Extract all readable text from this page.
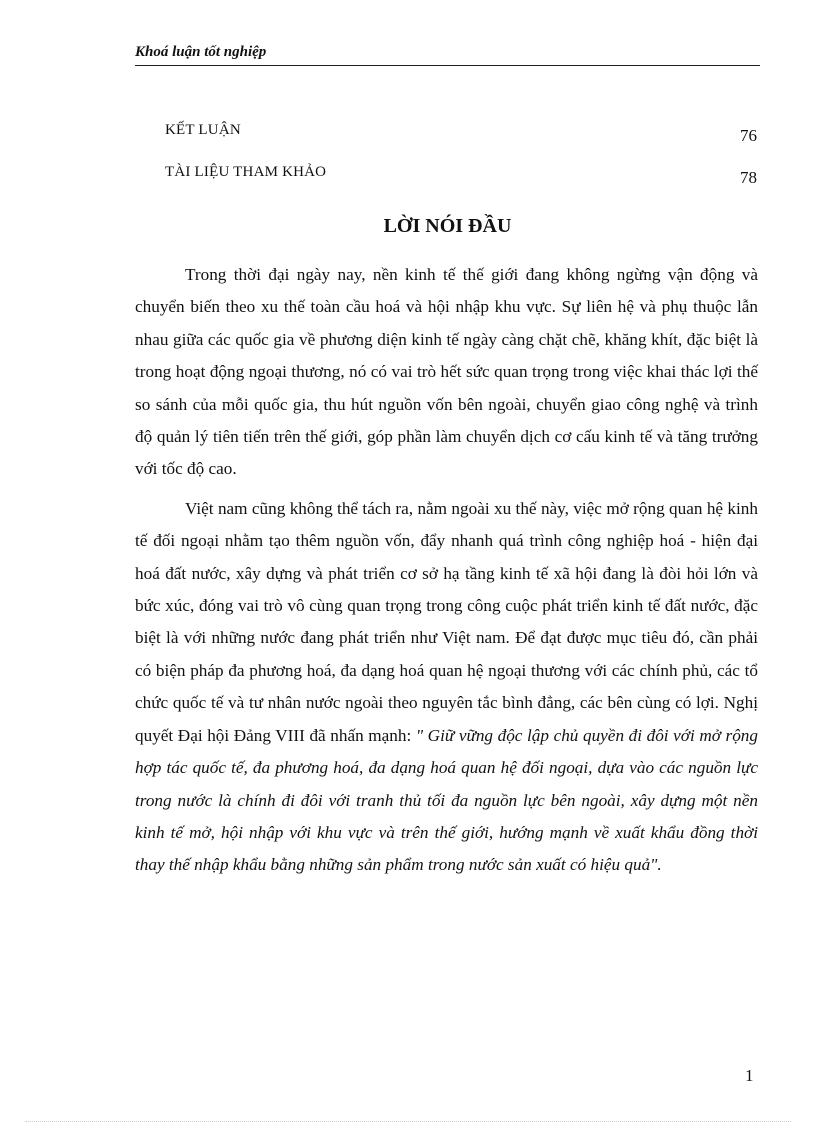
Khoá luận tốt nghiệp
KẾT LUẬN	76
TÀI LIỆU THAM KHẢO	78
LỜI NÓI ĐẦU

Trong thời đại ngày nay, nền kinh tế thế giới đang không ngừng vận động và chuyển biến theo xu thế toàn cầu hoá và hội nhập khu vực. Sự liên hệ và phụ thuộc lẫn nhau giữa các quốc gia về phương diện kinh tế ngày càng chặt chẽ, khăng khít, đặc biệt là trong hoạt động ngoại thương, nó có vai trò hết sức quan trọng trong việc khai thác lợi thế so sánh của mỗi quốc gia, thu hút nguồn vốn bên ngoài, chuyển giao công nghệ và trình độ quản lý tiên tiến trên thế giới, góp phần làm chuyển dịch cơ cấu kinh tế và tăng trưởng với tốc độ cao.

Việt nam cũng không thể tách ra, nằm ngoài xu thế này, việc mở rộng quan hệ kinh tế đối ngoại nhằm tạo thêm nguồn vốn, đẩy nhanh quá trình công nghiệp hoá - hiện đại hoá đất nước, xây dựng và phát triển cơ sở hạ tầng kinh tế xã hội đang là đòi hỏi lớn và bức xúc, đóng vai trò vô cùng quan trọng trong công cuộc phát triển kinh tế đất nước, đặc biệt là với những nước đang phát triển như Việt nam. Để đạt được mục tiêu đó, cần phải có biện pháp đa phương hoá, đa dạng hoá quan hệ ngoại thương với các chính phủ, các tổ chức quốc tế và tư nhân nước ngoài theo nguyên tắc bình đẳng, các bên cùng có lợi. Nghị quyết Đại hội Đảng VIII đã nhấn mạnh: " Giữ vững độc lập chủ quyền đi đôi với mở rộng hợp tác quốc tế, đa phương hoá, đa dạng hoá quan hệ đối ngoại, dựa vào các nguồn lực trong nước là chính đi đôi với tranh thủ tối đa nguồn lực bên ngoài, xây dựng một nền kinh tế mở, hội nhập với khu vực và trên thế giới, hướng mạnh về xuất khẩu đồng thời thay thế nhập khẩu bằng những sản phẩm trong nước sản xuất có hiệu quả".

1
